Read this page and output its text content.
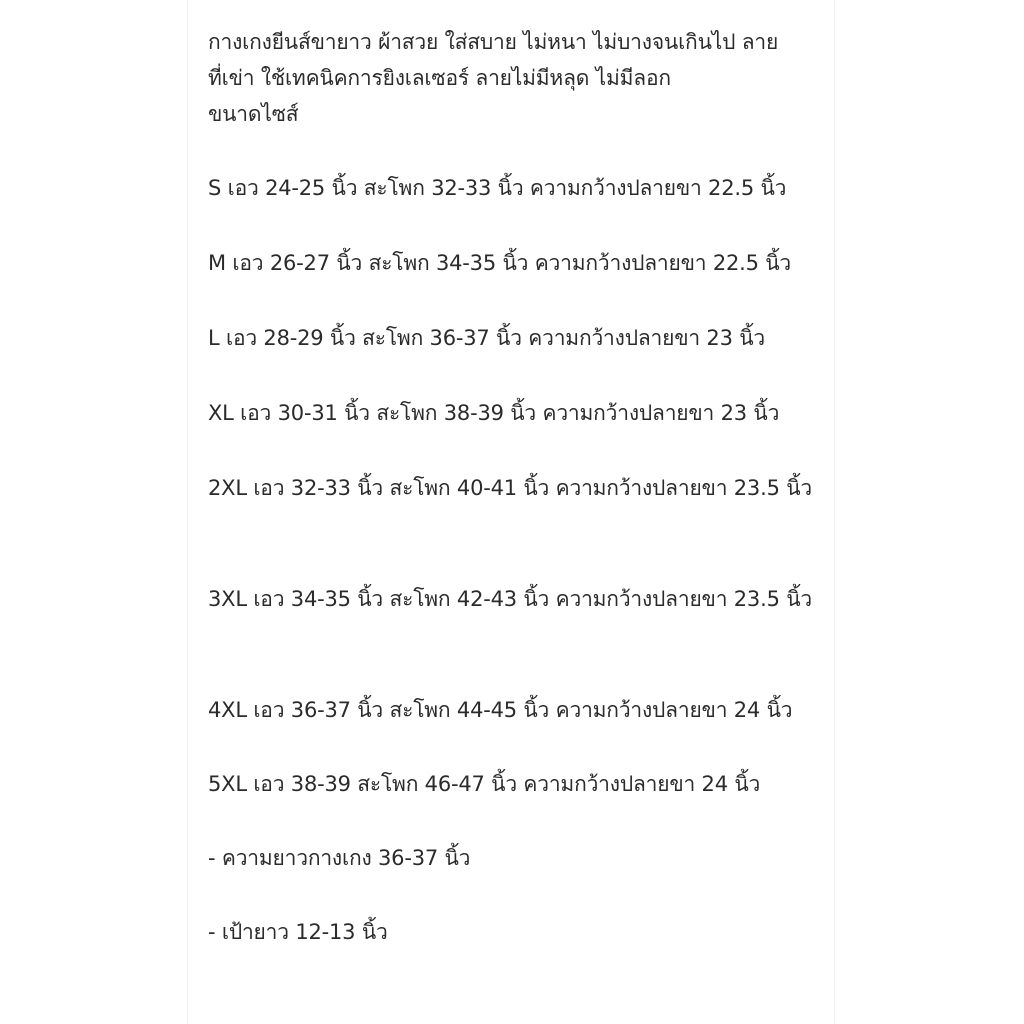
กางเกงยีนส์ขายาว ผ้าสวย ใส่สบาย ไม่หนา ไม่บางจนเกินไป ลาย

ที่เข่า ใช้เทคนิคการยิงเลเซอร์ ลายไม่มีหลุด ไม่มีลอก

ขนาดไซส์

S เอว 24-25 นิ้ว สะโพก 32-33 นิ้ว ความกว้างปลายขา 22.5 นิ้ว

M เอว 26-27 นิ้ว สะโพก 34-35 นิ้ว ความกว้างปลายขา 22.5 นิ้ว

L เอว 28-29 นิ้ว สะโพก 36-37 นิ้ว ความกว้างปลายขา 23 นิ้ว

XL เอว 30-31 นิ้ว สะโพก 38-39 นิ้ว ความกว้างปลายขา 23 นิ้ว

2XL เอว 32-33 นิ้ว สะโพก 40-41 นิ้ว ความกว้างปลายขา 23.5 นิ้ว

3XL เอว 34-35 นิ้ว สะโพก 42-43 นิ้ว ความกว้างปลายขา 23.5 นิ้ว

4XL เอว 36-37 นิ้ว สะโพก 44-45 นิ้ว ความกว้างปลายขา 24 นิ้ว

5XL เอว 38-39 สะโพก 46-47 นิ้ว ความกว้างปลายขา 24 นิ้ว

- ความยาวกางเกง 36-37 นิ้ว

- เป้ายาว 12-13 นิ้ว
